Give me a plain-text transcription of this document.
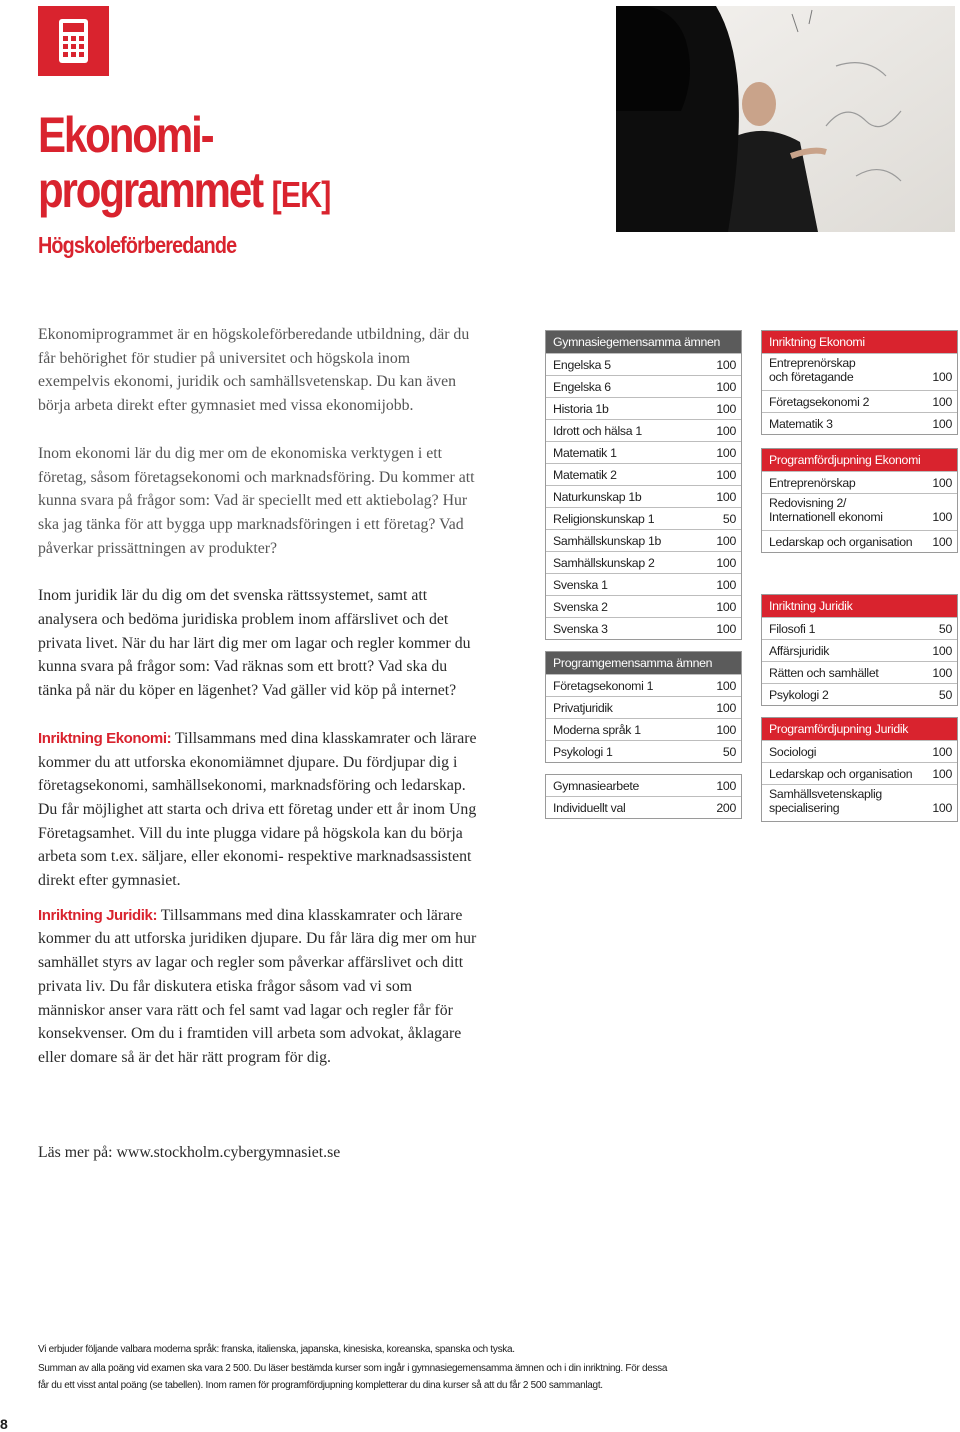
Ekonomi-
programmet [EK]
Högskoleförberedande

Ekonomiprogrammet är en högskoleförberedande utbildning, där du får behörighet för studier på universitet och högskola inom exempelvis ekonomi, juridik och samhällsvetenskap. Du kan även börja arbeta direkt efter gymnasiet med vissa ekonomijobb.

Inom ekonomi lär du dig mer om de ekonomiska verktygen i ett företag, såsom företagsekonomi och marknadsföring. Du kommer att kunna svara på frågor som: Vad är speciellt med ett aktiebolag? Hur ska jag tänka för att bygga upp marknadsföringen i ett företag? Vad påverkar prissättningen av produkter?

Inom juridik lär du dig om det svenska rättssystemet, samt att analysera och bedöma juridiska problem inom affärslivet och det privata livet. När du har lärt dig mer om lagar och regler kommer du kunna svara på frågor som: Vad räknas som ett brott? Vad ska du tänka på när du köper en lägenhet? Vad gäller vid köp på internet?

Inriktning Ekonomi: Tillsammans med dina klasskamrater och lärare kommer du att utforska ekonomiämnet djupare. Du fördjupar dig i företagsekonomi, samhällsekonomi, marknadsföring och ledarskap. Du får möjlighet att starta och driva ett företag under ett år inom Ung Företagsamhet. Vill du inte plugga vidare på högskola kan du börja arbeta som t.ex. säljare, eller ekonomi- respektive marknadsassistent direkt efter gymnasiet.

Inriktning Juridik: Tillsammans med dina klasskamrater och lärare kommer du att utforska juridiken djupare. Du får lära dig mer om hur samhället styrs av lagar och regler som påverkar affärslivet och ditt privata liv. Du får diskutera etiska frågor såsom vad vi som människor anser vara rätt och fel samt vad lagar och regler får för konsekvenser. Om du i framtiden vill arbeta som advokat, åklagare eller domare så är det här rätt program för dig.

Läs mer på: www.stockholm.cybergymnasiet.se

Gymnasiegemensamma ämnen
Engelska 5	100
Engelska 6	100
Historia 1b	100
Idrott och hälsa 1	100
Matematik 1	100
Matematik 2	100
Naturkunskap 1b	100
Religionskunskap 1	50
Samhällskunskap 1b	100
Samhällskunskap 2	100
Svenska 1	100
Svenska 2	100
Svenska 3	100
Programgemensamma ämnen
Företagsekonomi 1	100
Privatjuridik	100
Moderna språk 1	100
Psykologi 1	50
Gymnasiearbete	100
Individuellt val	200
Inriktning Ekonomi
Entreprenörskap
och företagande	100
Företagsekonomi 2	100
Matematik 3	100
Programfördjupning Ekonomi
Entreprenörskap	100
Redovisning 2/
Internationell ekonomi	100
Ledarskap och organisation 100
Inriktning Juridik
Filosofi 1	50
Affärsjuridik	100
Rätten och samhället	100
Psykologi 2	50
Programfördjupning Juridik
Sociologi	100
Ledarskap och organisation 100
Samhällsvetenskaplig
specialisering	100

Vi erbjuder följande valbara moderna språk: franska, italienska, japanska, kinesiska, koreanska, spanska och tyska.

Summan av alla poäng vid examen ska vara 2 500. Du läser bestämda kurser som ingår i gymnasiegemensamma ämnen och i din inriktning. För dessa

får du ett visst antal poäng (se tabellen). Inom ramen för programfördjupning kompletterar du dina kurser så att du får 2 500 sammanlagt.

8
